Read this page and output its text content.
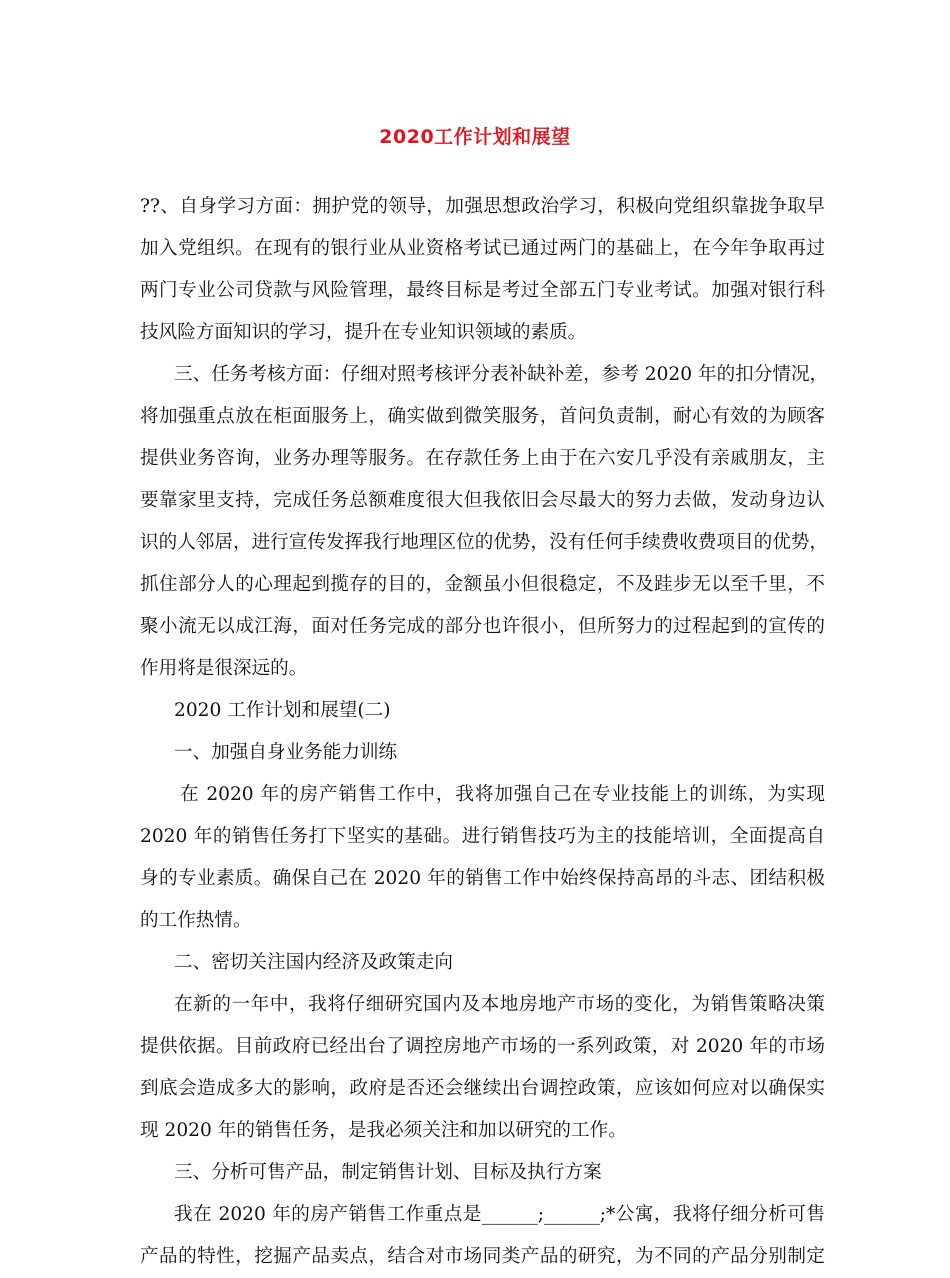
2020工作计划和展望
??、自身学习方面：拥护党的领导，加强思想政治学习，积极向党组织靠拢争取早
加入党组织。在现有的银行业从业资格考试已通过两门的基础上，在今年争取再过
两门专业公司贷款与风险管理，最终目标是考过全部五门专业考试。加强对银行科
技风险方面知识的学习，提升在专业知识领域的素质。
三、任务考核方面：仔细对照考核评分表补缺补差，参考 2020 年的扣分情况，
将加强重点放在柜面服务上，确实做到微笑服务，首问负责制，耐心有效的为顾客
提供业务咨询，业务办理等服务。在存款任务上由于在六安几乎没有亲戚朋友，主
要靠家里支持，完成任务总额难度很大但我依旧会尽最大的努力去做，发动身边认
识的人邻居，进行宣传发挥我行地理区位的优势，没有任何手续费收费项目的优势，
抓住部分人的心理起到揽存的目的，金额虽小但很稳定，不及跬步无以至千里，不
聚小流无以成江海，面对任务完成的部分也许很小，但所努力的过程起到的宣传的
作用将是很深远的。
2020 工作计划和展望(二)
一、加强自身业务能力训练
在 2020 年的房产销售工作中，我将加强自己在专业技能上的训练，为实现
2020 年的销售任务打下坚实的基础。进行销售技巧为主的技能培训，全面提高自
身的专业素质。确保自己在 2020 年的销售工作中始终保持高昂的斗志、团结积极
的工作热情。
二、密切关注国内经济及政策走向
在新的一年中，我将仔细研究国内及本地房地产市场的变化，为销售策略决策
提供依据。目前政府已经出台了调控房地产市场的一系列政策，对 2020 年的市场
到底会造成多大的影响，政府是否还会继续出台调控政策，应该如何应对以确保实
现 2020 年的销售任务，是我必须关注和加以研究的工作。
三、分析可售产品，制定销售计划、目标及执行方案
我在 2020 年的房产销售工作重点是______;______;*公寓，我将仔细分析可售
产品的特性，挖掘产品卖点，结合对市场同类产品的研究，为不同的产品分别制定
